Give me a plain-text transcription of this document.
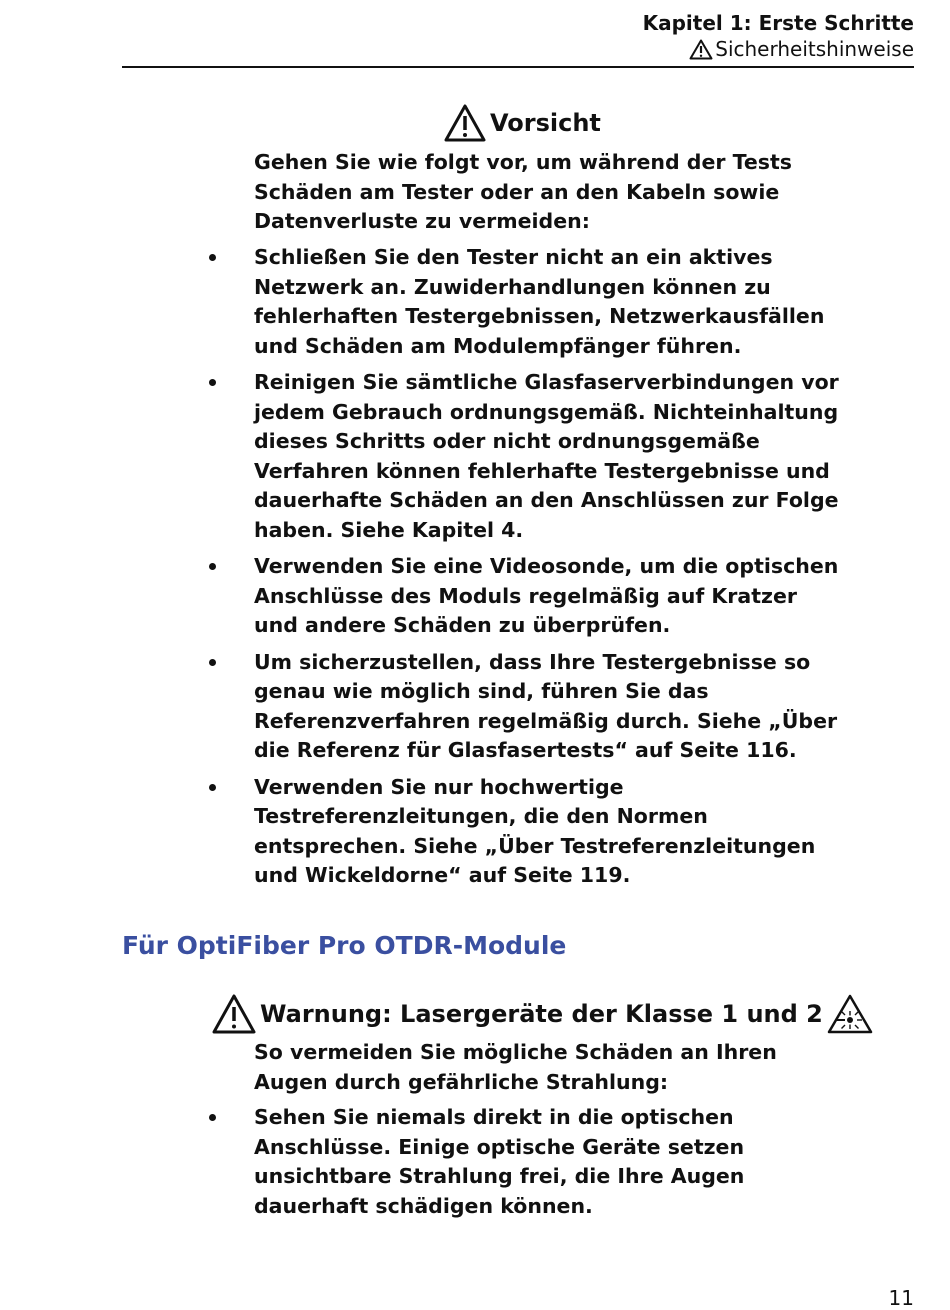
Kapitel 1: Erste Schritte
Sicherheitshinweise
Vorsicht
Gehen Sie wie folgt vor, um während der Tests Schäden am Tester oder an den Kabeln sowie Datenverluste zu vermeiden:
Schließen Sie den Tester nicht an ein aktives Netzwerk an. Zuwiderhandlungen können zu fehlerhaften Testergebnissen, Netzwerkausfällen und Schäden am Modulempfänger führen.
Reinigen Sie sämtliche Glasfaserverbindungen vor jedem Gebrauch ordnungsgemäß. Nichteinhaltung dieses Schritts oder nicht ordnungsgemäße Verfahren können fehlerhafte Testergebnisse und dauerhafte Schäden an den Anschlüssen zur Folge haben. Siehe Kapitel 4.
Verwenden Sie eine Videosonde, um die optischen Anschlüsse des Moduls regelmäßig auf Kratzer und andere Schäden zu überprüfen.
Um sicherzustellen, dass Ihre Testergebnisse so genau wie möglich sind, führen Sie das Referenzverfahren regelmäßig durch. Siehe „Über die Referenz für Glasfasertests“ auf Seite 116.
Verwenden Sie nur hochwertige Testreferenzleitungen, die den Normen entsprechen. Siehe „Über Testreferenzleitungen und Wickeldorne“ auf Seite 119.
Für OptiFiber Pro OTDR-Module
Warnung: Lasergeräte der Klasse 1 und 2
So vermeiden Sie mögliche Schäden an Ihren Augen durch gefährliche Strahlung:
Sehen Sie niemals direkt in die optischen Anschlüsse. Einige optische Geräte setzen unsichtbare Strahlung frei, die Ihre Augen dauerhaft schädigen können.
11
